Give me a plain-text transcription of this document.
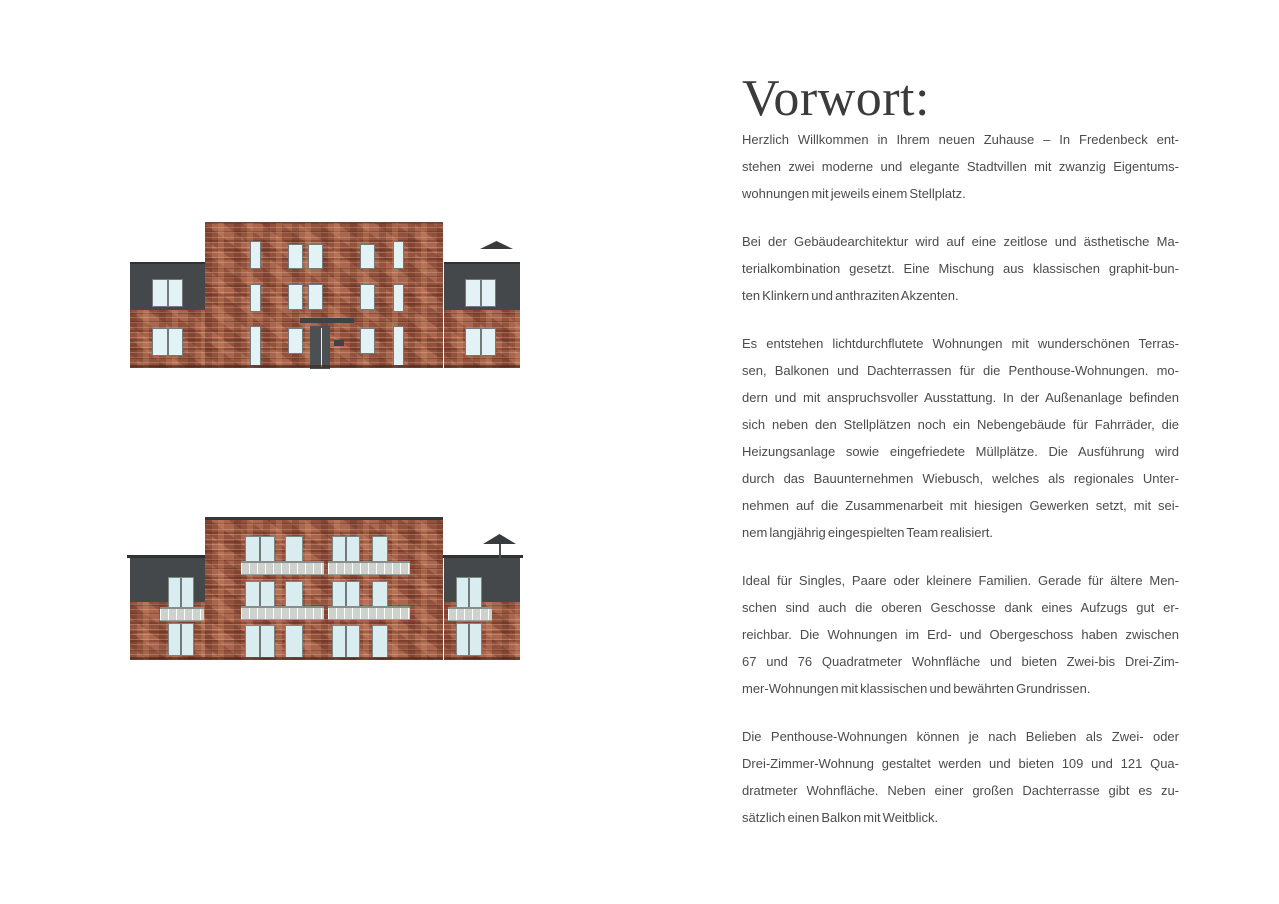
Vorwort:

Herzlich Willkommen in Ihrem neuen Zuhause – In Fredenbeck ent-
stehen zwei moderne und elegante Stadtvillen mit zwanzig Eigentums-
wohnungen mit jeweils einem Stellplatz.

Bei der Gebäudearchitektur wird auf eine zeitlose und ästhetische Ma-
terialkombination gesetzt. Eine Mischung aus klassischen graphit-bun-
ten Klinkern und anthraziten Akzenten.

Es entstehen lichtdurchflutete Wohnungen mit wunderschönen Terras-
sen, Balkonen und Dachterrassen für die Penthouse-Wohnungen. mo-
dern und mit anspruchsvoller Ausstattung. In der Außenanlage befinden
sich neben den Stellplätzen noch ein Nebengebäude für Fahrräder, die
Heizungsanlage sowie eingefriedete Müllplätze. Die Ausführung wird
durch das Bauunternehmen Wiebusch, welches als regionales Unter-
nehmen auf die Zusammenarbeit mit hiesigen Gewerken setzt, mit sei-
nem langjährig eingespielten Team realisiert.

Ideal für Singles, Paare oder kleinere Familien. Gerade für ältere Men-
schen sind auch die oberen Geschosse dank eines Aufzugs gut er-
reichbar. Die Wohnungen im Erd- und Obergeschoss haben zwischen
67 und 76 Quadratmeter Wohnfläche und bieten Zwei-bis Drei-Zim-
mer-Wohnungen mit klassischen und bewährten Grundrissen.

Die Penthouse-Wohnungen können je nach Belieben als Zwei- oder
Drei-Zimmer-Wohnung gestaltet werden und bieten 109 und 121 Qua-
dratmeter Wohnfläche. Neben einer großen Dachterrasse gibt es zu-
sätzlich einen Balkon mit Weitblick.
